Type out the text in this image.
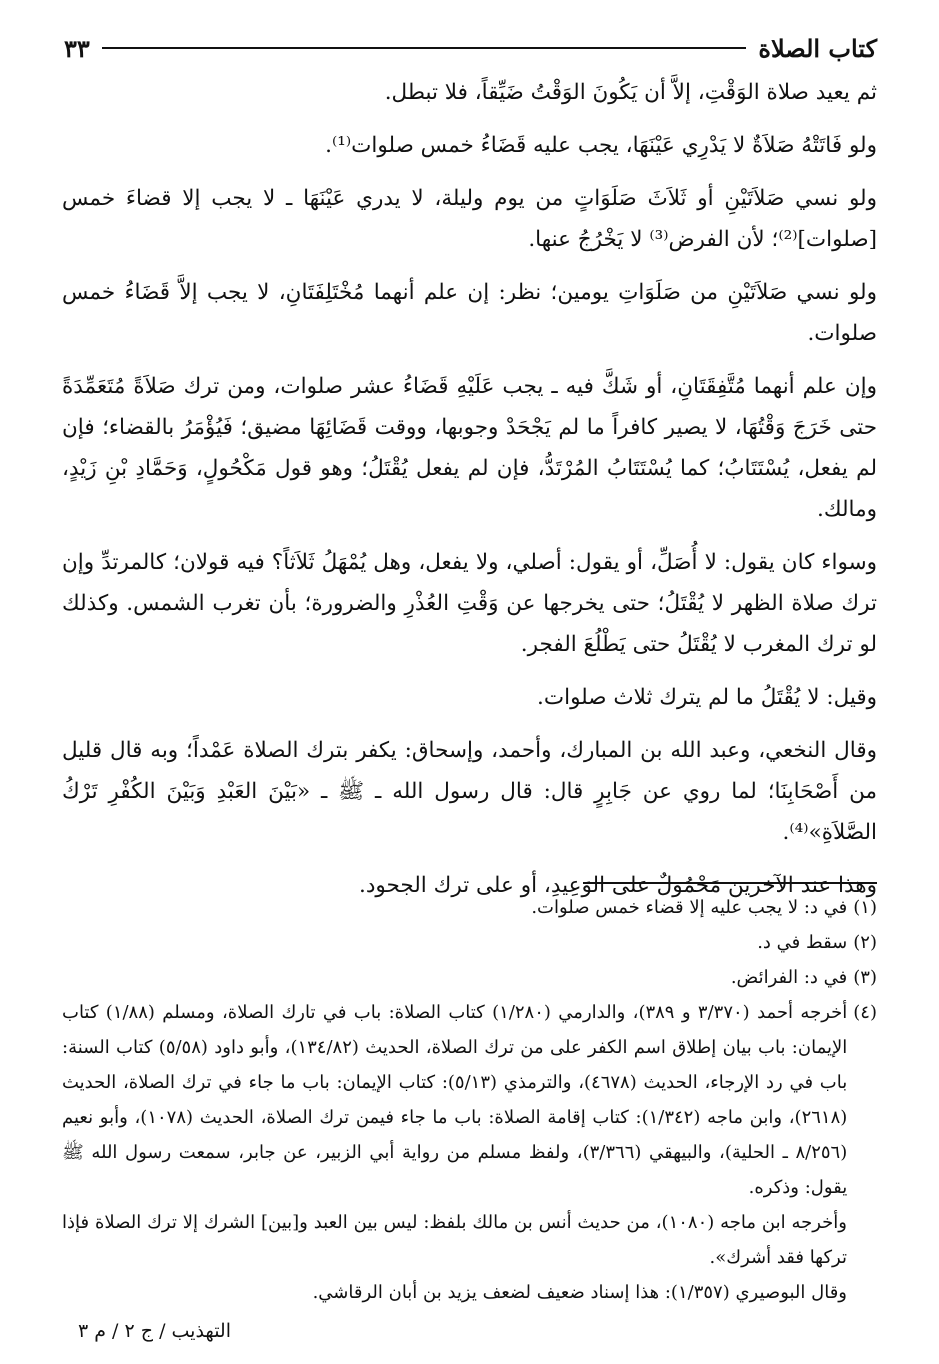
كتاب الصلاة
٣٣

ثم يعيد صلاة الوَقْتِ، إلاَّ أن يَكُونَ الوَقْتُ ضَيِّقاً، فلا تبطل.

ولو فَاتَتْهُ صَلاَةٌ لا يَدْرِي عَيْنَهَا، يجب عليه قَضَاءُ خمس صلوات⁽¹⁾.

ولو نسي صَلاَتَيْنِ أو ثَلاَثَ صَلَوَاتٍ من يوم وليلة، لا يدري عَيْنَهَا ـ لا يجب إلا قضاءَ خمس [صلوات]⁽²⁾؛ لأن الفرض⁽³⁾ لا يَخْرُجُ عنها.

ولو نسي صَلاَتَيْنِ من صَلَوَاتِ يومين؛ نظر: إن علم أنهما مُخْتَلِفَتَانِ، لا يجب إلاَّ قَضَاءُ خمس صلوات.

وإن علم أنهما مُتَّفِقَتَانِ، أو شَكَّ فيه ـ يجب عَلَيْهِ قَضَاءُ عشر صلوات، ومن ترك صَلاَةً مُتَعَمِّدَةً حتى خَرَجَ وَقْتُهَا، لا يصير كافراً ما لم يَجْحَدْ وجوبها، ووقت قَضَائِهَا مضيق؛ فَيُؤْمَرُ بالقضاء؛ فإن لم يفعل، يُسْتَتَابُ؛ كما يُسْتَتَابُ المُرْتَدُّ، فإن لم يفعل يُقْتَلُ؛ وهو قول مَكْحُولٍ، وَحَمَّادِ بْنِ زَيْدٍ، ومالك.

وسواء كان يقول: لا أُصَلِّ، أو يقول: أصلي، ولا يفعل، وهل يُمْهَلُ ثَلاَثاً؟ فيه قولان؛ كالمرتدِّ وإن ترك صلاة الظهر لا يُقْتَلُ؛ حتى يخرجها عن وَقْتِ العُذْرِ والضرورة؛ بأن تغرب الشمس. وكذلك لو ترك المغرب لا يُقْتَلُ حتى يَطْلُعَ الفجر.

وقيل: لا يُقْتَلُ ما لم يترك ثلاث صلوات.

وقال النخعي، وعبد الله بن المبارك، وأحمد، وإسحاق: يكفر بترك الصلاة عَمْداً؛ وبه قال قليل من أَصْحَابِنَا؛ لما روي عن جَابِرٍ قال: قال رسول الله ـ ﷺ ـ «بَيْنَ العَبْدِ وَبَيْنَ الكُفْرِ تَرْكُ الصَّلاَةِ»⁽⁴⁾.

وهذا عند الآخرين مَحْمُولٌ على الوَعِيدِ، أو على ترك الجحود.

(١)
في د: لا يجب عليه إلا قضاء خمس صلوات.
(٢)
سقط في د.
(٣)
في د: الفرائض.
(٤)
أخرجه أحمد (٣/٣٧٠ و ٣٨٩)، والدارمي (١/٢٨٠) كتاب الصلاة: باب في تارك الصلاة، ومسلم (١/٨٨) كتاب الإيمان: باب بيان إطلاق اسم الكفر على من ترك الصلاة، الحديث (١٣٤/٨٢)، وأبو داود (٥/٥٨) كتاب السنة: باب في رد الإرجاء، الحديث (٤٦٧٨)، والترمذي (٥/١٣): كتاب الإيمان: باب ما جاء في ترك الصلاة، الحديث (٢٦١٨)، وابن ماجه (١/٣٤٢): كتاب إقامة الصلاة: باب ما جاء فيمن ترك الصلاة، الحديث (١٠٧٨)، وأبو نعيم (٨/٢٥٦ ـ الحلية)، والبيهقي (٣/٣٦٦)، ولفظ مسلم من رواية أبي الزبير، عن جابر، سمعت رسول الله ﷺ يقول: وذكره.
وأخرجه ابن ماجه (١٠٨٠)، من حديث أنس بن مالك بلفظ: ليس بين العبد و[بين] الشرك إلا ترك الصلاة فإذا تركها فقد أشرك».
وقال البوصيري (١/٣٥٧): هذا إسناد ضعيف لضعف يزيد بن أبان الرقاشي.
التهذيب / ج ٢ / م ٣
